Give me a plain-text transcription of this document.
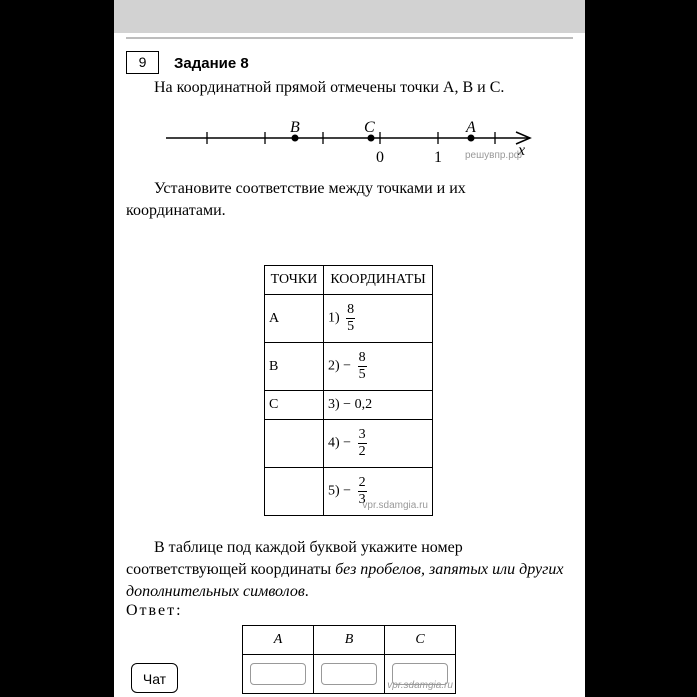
9	Задание 8
На координатной прямой отмечены точки A, B и C.
B	C	A
0	1	x
решувпр.рф
Установите соответствие между точками и их координатами.
ТОЧКИ	КООРДИНАТЫ
A	$1) \frac{8}{5}$

B	$2) - \frac{8}{5}$

C	3) − 0,2
	$4) - \frac{3}{2}$

	$5) - \frac{2}{3}$
vpr.sdamgia.ru
В таблице под каждой буквой укажите номер соответствующей координаты без пробелов, запятых или других дополнительных символов.
Ответ:
A	B	C

		vpr.sdamgia.ru
Чат
